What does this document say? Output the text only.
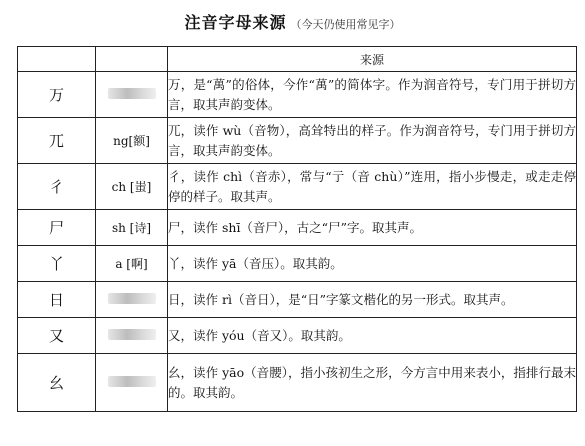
注音字母来源 （今天仍使用常见字）
		来源
万		万，是“萬”的俗体，今作“萬”的简体字。作为润音符号，专门用于拼切方言，取其声韵变体。
兀	ng[额]	兀，读作 wù（音物），高耸特出的样子。作为润音符号，专门用于拼切方言，取其声韵变体。
彳	ch [蚩]	彳，读作 chì（音赤），常与“亍（音 chù）”连用，指小步慢走，或走走停停的样子。取其声。
尸	sh [诗]	尸，读作 shī（音尸），古之“尸”字。取其声。
丫	a [啊]	丫，读作 yā（音压）。取其韵。
日		日，读作 rì（音日），是“日”字篆文楷化的另一形式。取其声。
又		又，读作 yóu（音又）。取其韵。
幺		幺，读作 yāo（音腰），指小孩初生之形，今方言中用来表小，指排行最末的。取其韵。
